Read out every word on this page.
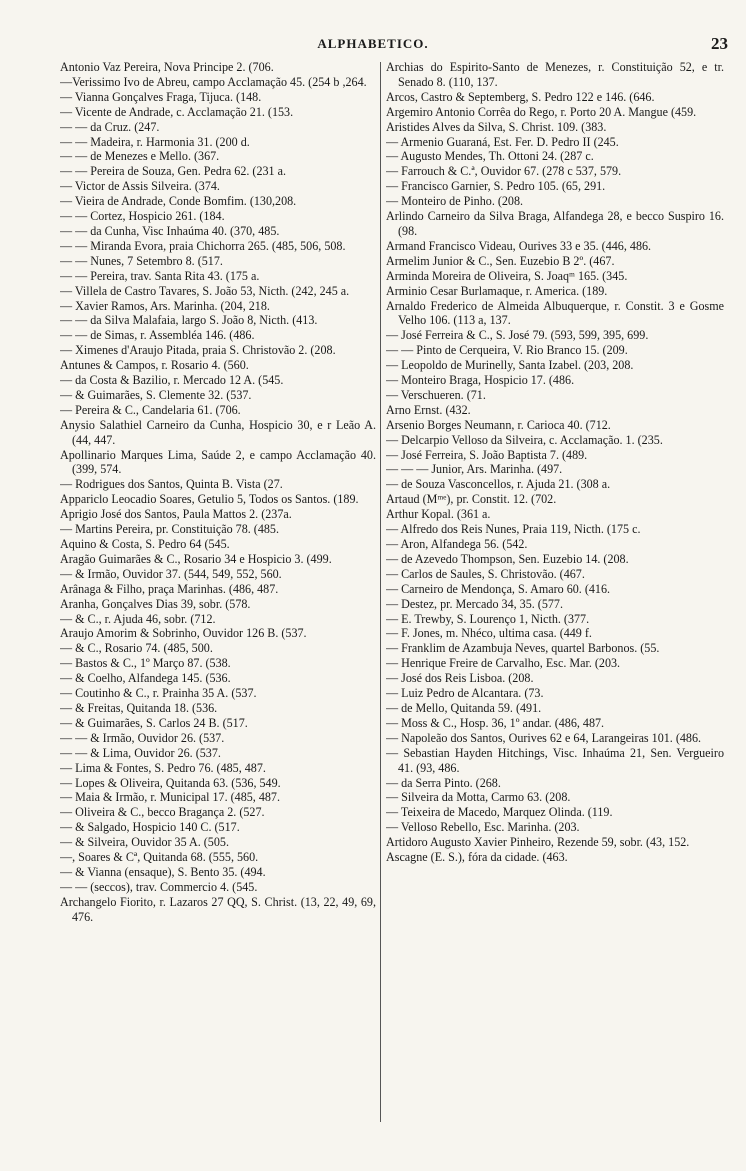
ALPHABETICO.	23

Antonio Vaz Pereira, Nova Principe 2. (706.

—Verissimo Ivo de Abreu, campo Acclamação 45. (254 b ,264.

— Vianna Gonçalves Fraga, Tijuca. (148.

— Vicente de Andrade, c. Acclamação 21. (153.

— — da Cruz. (247.

— — Madeira, r. Harmonia 31. (200 d.

— — de Menezes e Mello. (367.

— — Pereira de Souza, Gen. Pedra 62. (231 a.

— Victor de Assis Silveira. (374.

— Vieira de Andrade, Conde Bomfim. (130,208.

— — Cortez, Hospicio 261. (184.

— — da Cunha, Visc Inhaúma 40. (370, 485.

— — Miranda Evora, praia Chichorra 265. (485, 506, 508.

— — Nunes, 7 Setembro 8. (517.

— — Pereira, trav. Santa Rita 43. (175 a.

— Villela de Castro Tavares, S. João 53, Nicth. (242, 245 a.

— Xavier Ramos, Ars. Marinha. (204, 218.

— — da Silva Malafaia, largo S. João 8, Nicth. (413.

— — de Simas, r. Assembléa 146. (486.

— Ximenes d'Araujo Pitada, praia S. Christovão 2. (208.

Antunes & Campos, r. Rosario 4. (560.

— da Costa & Bazilio, r. Mercado 12 A. (545.

— & Guimarães, S. Clemente 32. (537.

— Pereira & C., Candelaria 61. (706.

Anysio Salathiel Carneiro da Cunha, Hospicio 30, e r Leão A. (44, 447.

Apollinario Marques Lima, Saúde 2, e campo Acclamação 40. (399, 574.

— Rodrigues dos Santos, Quinta B. Vista (27.

Appariclo Leocadio Soares, Getulio 5, Todos os Santos. (189.

Aprigio José dos Santos, Paula Mattos 2. (237a.

— Martins Pereira, pr. Constituição 78. (485.

Aquino & Costa, S. Pedro 64 (545.

Aragão Guimarães & C., Rosario 34 e Hospicio 3. (499.

— & Irmão, Ouvidor 37. (544, 549, 552, 560.

Arânaga & Filho, praça Marinhas. (486, 487.

Aranha, Gonçalves Dias 39, sobr. (578.

— & C., r. Ajuda 46, sobr. (712.

Araujo Amorim & Sobrinho, Ouvidor 126 B. (537.

— & C., Rosario 74. (485, 500.

— Bastos & C., 1º Março 87. (538.

— & Coelho, Alfandega 145. (536.

— Coutinho & C., r. Prainha 35 A. (537.

— & Freitas, Quitanda 18. (536.

— & Guimarães, S. Carlos 24 B. (517.

— — & Irmão, Ouvidor 26. (537.

— — & Lima, Ouvidor 26. (537.

— Lima & Fontes, S. Pedro 76. (485, 487.

— Lopes & Oliveira, Quitanda 63. (536, 549.

— Maia & Irmão, r. Municipal 17. (485, 487.

— Oliveira & C., becco Bragança 2. (527.

— & Salgado, Hospicio 140 C. (517.

— & Silveira, Ouvidor 35 A. (505.

—, Soares & Cª, Quitanda 68. (555, 560.

— & Vianna (ensaque), S. Bento 35. (494.

— — (seccos), trav. Commercio 4. (545.

Archangelo Fiorito, r. Lazaros 27 QQ, S. Christ. (13, 22, 49, 69, 476.

Archias do Espirito-Santo de Menezes, r. Constituição 52, e tr. Senado 8. (110, 137.

Arcos, Castro & Septemberg, S. Pedro 122 e 146. (646.

Argemiro Antonio Corrêa do Rego, r. Porto 20 A. Mangue (459.

Aristides Alves da Silva, S. Christ. 109. (383.

— Armenio Guaraná, Est. Fer. D. Pedro II (245.

— Augusto Mendes, Th. Ottoni 24. (287 c.

— Farrouch & C.ª, Ouvidor 67. (278 c 537, 579.

— Francisco Garnier, S. Pedro 105. (65, 291.

— Monteiro de Pinho. (208.

Arlindo Carneiro da Silva Braga, Alfandega 28, e becco Suspiro 16. (98.

Armand Francisco Videau, Ourives 33 e 35. (446, 486.

Armelim Junior & C., Sen. Euzebio B 2º. (467.

Arminda Moreira de Oliveira, S. Joaqᵐ 165. (345.

Arminio Cesar Burlamaque, r. America. (189.

Arnaldo Frederico de Almeida Albuquerque, r. Constit. 3 e Gosme Velho 106. (113 a, 137.

— José Ferreira & C., S. José 79. (593, 599, 395, 699.

— — Pinto de Cerqueira, V. Rio Branco 15. (209.

— Leopoldo de Murinelly, Santa Izabel. (203, 208.

— Monteiro Braga, Hospicio 17. (486.

— Verschueren. (71.

Arno Ernst. (432.

Arsenio Borges Neumann, r. Carioca 40. (712.

— Delcarpio Velloso da Silveira, c. Acclamação. 1. (235.

— José Ferreira, S. João Baptista 7. (489.

— — — Junior, Ars. Marinha. (497.

— de Souza Vasconcellos, r. Ajuda 21. (308 a.

Artaud (Mᵐᵉ), pr. Constit. 12. (702.

Arthur Kopal. (361 a.

— Alfredo dos Reis Nunes, Praia 119, Nicth. (175 c.

— Aron, Alfandega 56. (542.

— de Azevedo Thompson, Sen. Euzebio 14. (208.

— Carlos de Saules, S. Christovão. (467.

— Carneiro de Mendonça, S. Amaro 60. (416.

— Destez, pr. Mercado 34, 35. (577.

— E. Trewby, S. Lourenço 1, Nicth. (377.

— F. Jones, m. Nhéco, ultima casa. (449 f.

— Franklim de Azambuja Neves, quartel Barbonos. (55.

— Henrique Freire de Carvalho, Esc. Mar. (203.

— José dos Reis Lisboa. (208.

— Luiz Pedro de Alcantara. (73.

— de Mello, Quitanda 59. (491.

— Moss & C., Hosp. 36, 1º andar. (486, 487.

— Napoleão dos Santos, Ourives 62 e 64, Larangeiras 101. (486.

— Sebastian Hayden Hitchings, Visc. Inhaúma 21, Sen. Vergueiro 41. (93, 486.

— da Serra Pinto. (268.

— Silveira da Motta, Carmo 63. (208.

— Teixeira de Macedo, Marquez Olinda. (119.

— Velloso Rebello, Esc. Marinha. (203.

Artidoro Augusto Xavier Pinheiro, Rezende 59, sobr. (43, 152.

Ascagne (E. S.), fóra da cidade. (463.
